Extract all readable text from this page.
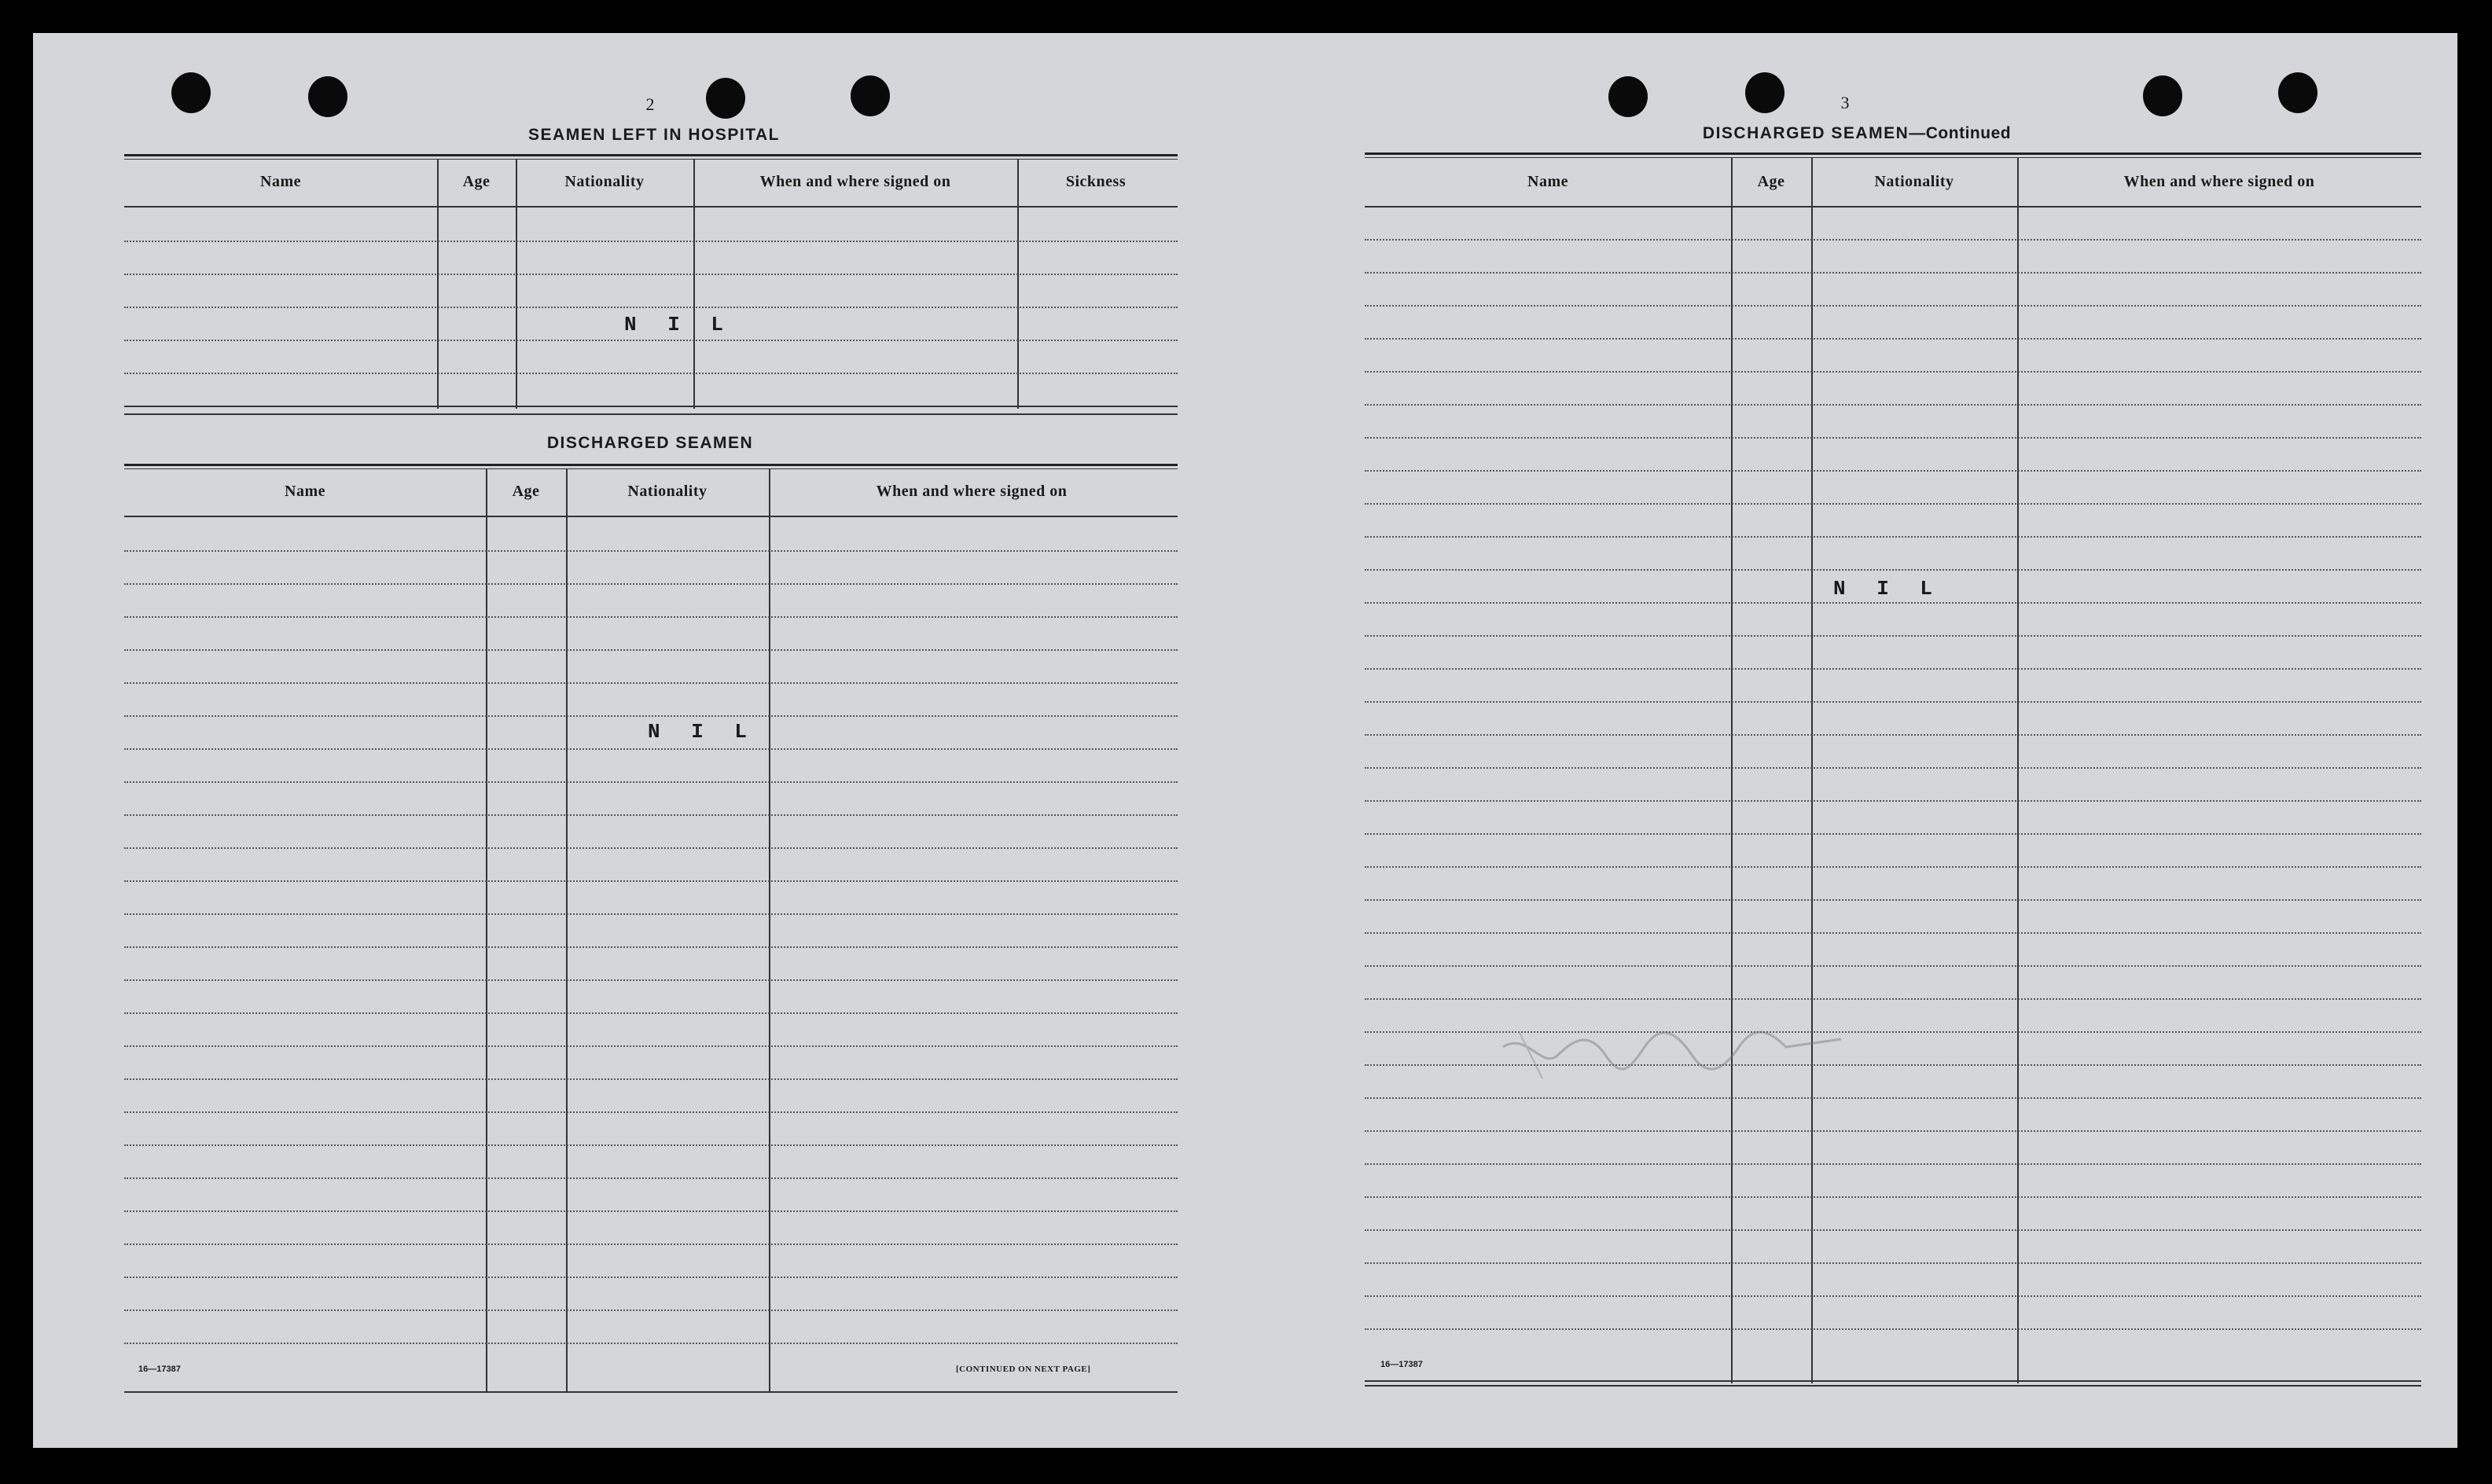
2
SEAMEN LEFT IN HOSPITAL
Name	Age	Nationality	When and where signed on	Sickness
N I L
DISCHARGED SEAMEN
Name	Age	Nationality	When and where signed on
N I L
16—17387	[CONTINUED ON NEXT PAGE]
3
DISCHARGED SEAMEN—Continued
Name	Age	Nationality	When and where signed on
N I L
16—17387
